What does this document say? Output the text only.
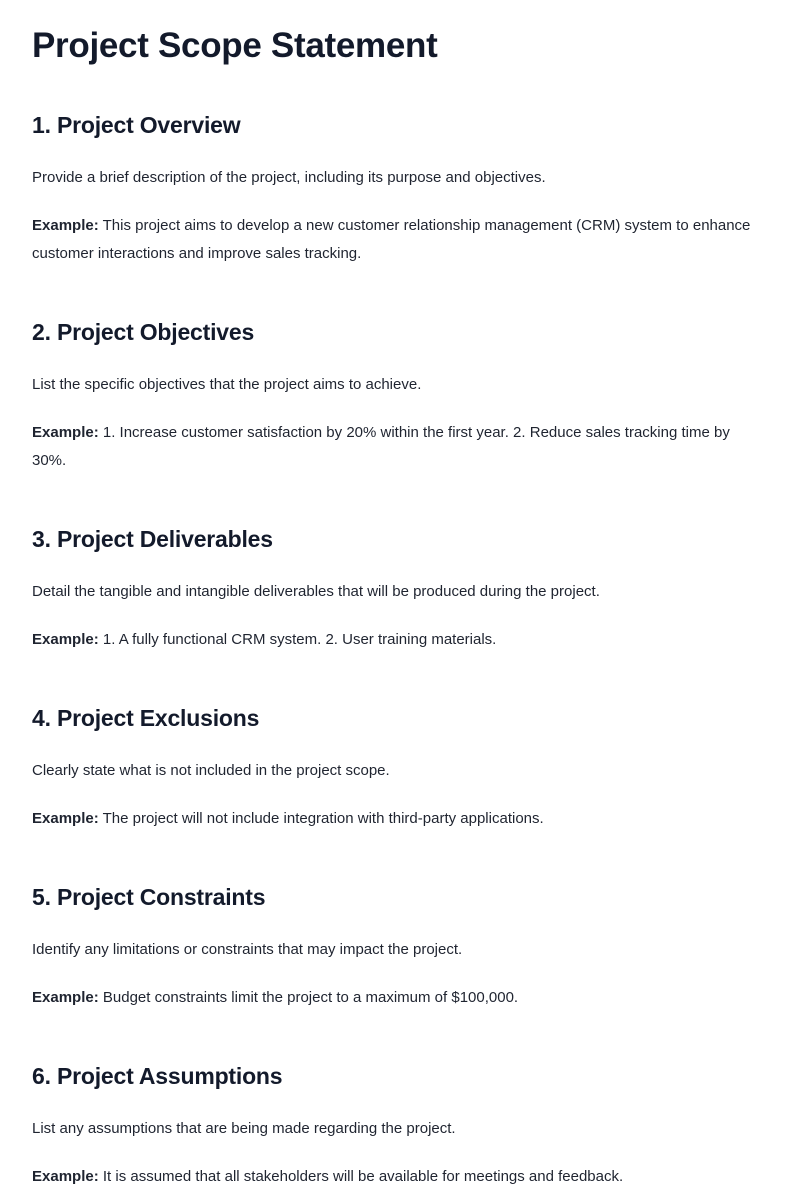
Project Scope Statement
1. Project Overview

Provide a brief description of the project, including its purpose and objectives.

Example: This project aims to develop a new customer relationship management (CRM) system to enhance customer interactions and improve sales tracking.

2. Project Objectives

List the specific objectives that the project aims to achieve.

Example: 1. Increase customer satisfaction by 20% within the first year. 2. Reduce sales tracking time by 30%.

3. Project Deliverables

Detail the tangible and intangible deliverables that will be produced during the project.

Example: 1. A fully functional CRM system. 2. User training materials.

4. Project Exclusions

Clearly state what is not included in the project scope.

Example: The project will not include integration with third-party applications.

5. Project Constraints

Identify any limitations or constraints that may impact the project.

Example: Budget constraints limit the project to a maximum of $100,000.

6. Project Assumptions

List any assumptions that are being made regarding the project.

Example: It is assumed that all stakeholders will be available for meetings and feedback.
